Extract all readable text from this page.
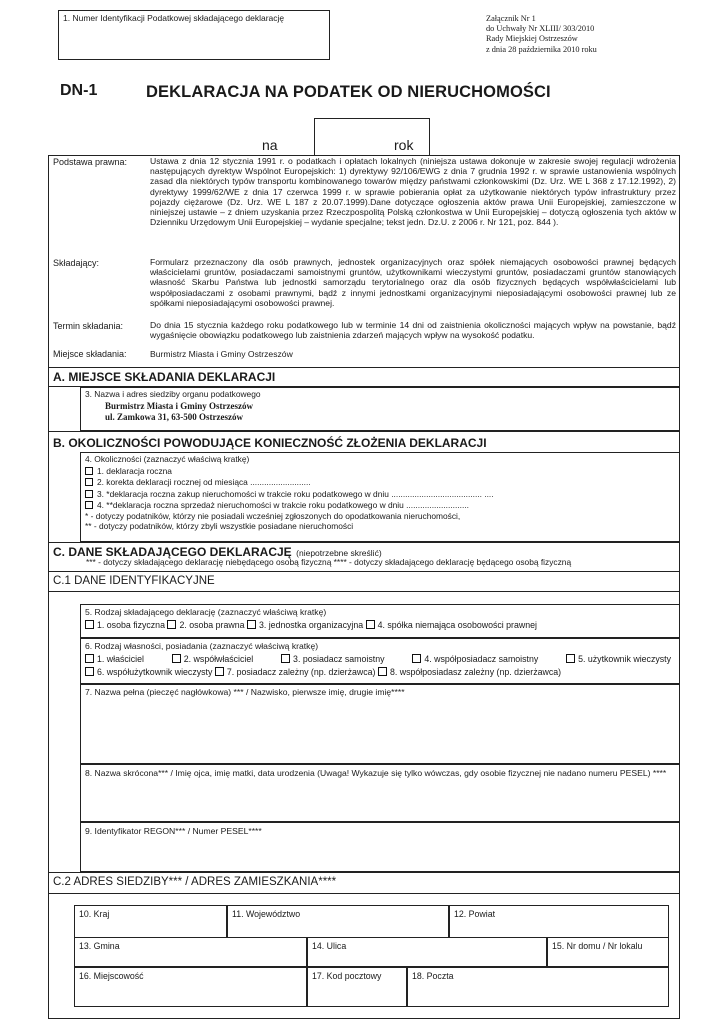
1. Numer Identyfikacji Podatkowej składającego deklarację	Załącznik Nr 1
do Uchwały Nr XLIII/ 303/2010
Rady Miejskiej Ostrzeszów
z dnia 28 października 2010 roku
DN-1	DEKLARACJA NA PODATEK OD NIERUCHOMOŚCI
na	rok
Podstawa prawna:	Ustawa z dnia 12 stycznia 1991 r. o podatkach i opłatach lokalnych (niniejsza ustawa dokonuje w zakresie swojej regulacji wdrożenia następujących dyrektyw Wspólnot Europejskich: 1) dyrektywy 92/106/EWG z dnia 7 grudnia 1992 r. w sprawie ustanowienia wspólnych zasad dla niektórych typów transportu kombinowanego towarów między państwami członkowskimi (Dz. Urz. WE L 368 z 17.12.1992), 2) dyrektywy 1999/62/WE z dnia 17 czerwca 1999 r. w sprawie pobierania opłat za użytkowanie niektórych typów infrastruktury przez pojazdy ciężarowe (Dz. Urz. WE L 187 z 20.07.1999).Dane dotyczące ogłoszenia aktów prawa Unii Europejskiej, zamieszczone w niniejszej ustawie – z dniem uzyskania przez Rzeczpospolitą Polską członkostwa w Unii Europejskiej – dotyczą ogłoszenia tych aktów w Dzienniku Urzędowym Unii Europejskiej – wydanie specjalne; tekst jedn. Dz.U. z 2006 r. Nr 121, poz. 844 ).
Składający:	Formularz przeznaczony dla osób prawnych, jednostek organizacyjnych oraz spółek niemających osobowości prawnej będących właścicielami gruntów, posiadaczami samoistnymi gruntów, użytkownikami wieczystymi gruntów, posiadaczami gruntów stanowiących własność Skarbu Państwa lub jednostki samorządu terytorialnego oraz dla osób fizycznych będących współwłaścicielami lub współposiadaczami z osobami prawnymi, bądź z innymi jednostkami organizacyjnymi nieposiadającymi osobowości prawnej lub ze spółkami nieposiadającymi osobowości prawnej.
Termin składania:	Do dnia 15 stycznia każdego roku podatkowego lub w terminie 14 dni od zaistnienia okoliczności mających wpływ na powstanie, bądź wygaśnięcie obowiązku podatkowego lub zaistnienia zdarzeń mających wpływ na wysokość podatku.
Miejsce składania:	Burmistrz Miasta i Gminy Ostrzeszów
A. MIEJSCE SKŁADANIA DEKLARACJI
3. Nazwa i adres siedziby organu podatkowego
Burmistrz Miasta i Gminy Ostrzeszów
ul. Zamkowa 31, 63-500 Ostrzeszów
B. OKOLICZNOŚCI POWODUJĄCE KONIECZNOŚĆ ZŁOŻENIA DEKLARACJI
4. Okoliczności (zaznaczyć właściwą kratkę)
1. deklaracja roczna
2. korekta deklaracji rocznej od miesiąca ..........................
3. *deklaracja roczna zakup nieruchomości w trakcie roku podatkowego w dniu ....................................... ....
4. **deklaracja roczna sprzedaż nieruchomości w trakcie roku podatkowego w dniu ...........................
* - dotyczy podatników, którzy nie posiadali wcześniej zgłoszonych do opodatkowania nieruchomości,
** - dotyczy podatników, którzy zbyli wszystkie posiadane nieruchomości
C. DANE SKŁADAJĄCEGO DEKLARACJĘ (niepotrzebne skreślić)
*** - dotyczy składającego deklarację niebędącego osobą fizyczną **** - dotyczy składającego deklarację będącego osobą fizyczną
C.1 DANE IDENTYFIKACYJNE
5. Rodzaj składającego deklarację (zaznaczyć właściwą kratkę)
1. osoba fizyczna 2. osoba prawna 3. jednostka organizacyjna 4. spółka niemająca osobowości prawnej
6. Rodzaj własności, posiadania (zaznaczyć właściwą kratkę)
1. właściciel	2. współwłaściciel	3. posiadacz samoistny	4. współposiadacz samoistny	5. użytkownik wieczysty
6. współużytkownik wieczysty 7. posiadacz zależny (np. dzierżawca) 8. współposiadasz zależny (np. dzierżawca)
7. Nazwa pełna (pieczęć nagłówkowa) *** / Nazwisko, pierwsze imię, drugie imię****
8. Nazwa skrócona*** / Imię ojca, imię matki, data urodzenia (Uwaga! Wykazuje się tylko wówczas, gdy osobie fizycznej nie nadano numeru PESEL) ****
9. Identyfikator REGON*** / Numer PESEL****
C.2 ADRES SIEDZIBY*** / ADRES ZAMIESZKANIA****
10. Kraj	11. Województwo	12. Powiat
13. Gmina	14. Ulica	15. Nr domu / Nr lokalu
16. Miejscowość	17. Kod pocztowy	18. Poczta
